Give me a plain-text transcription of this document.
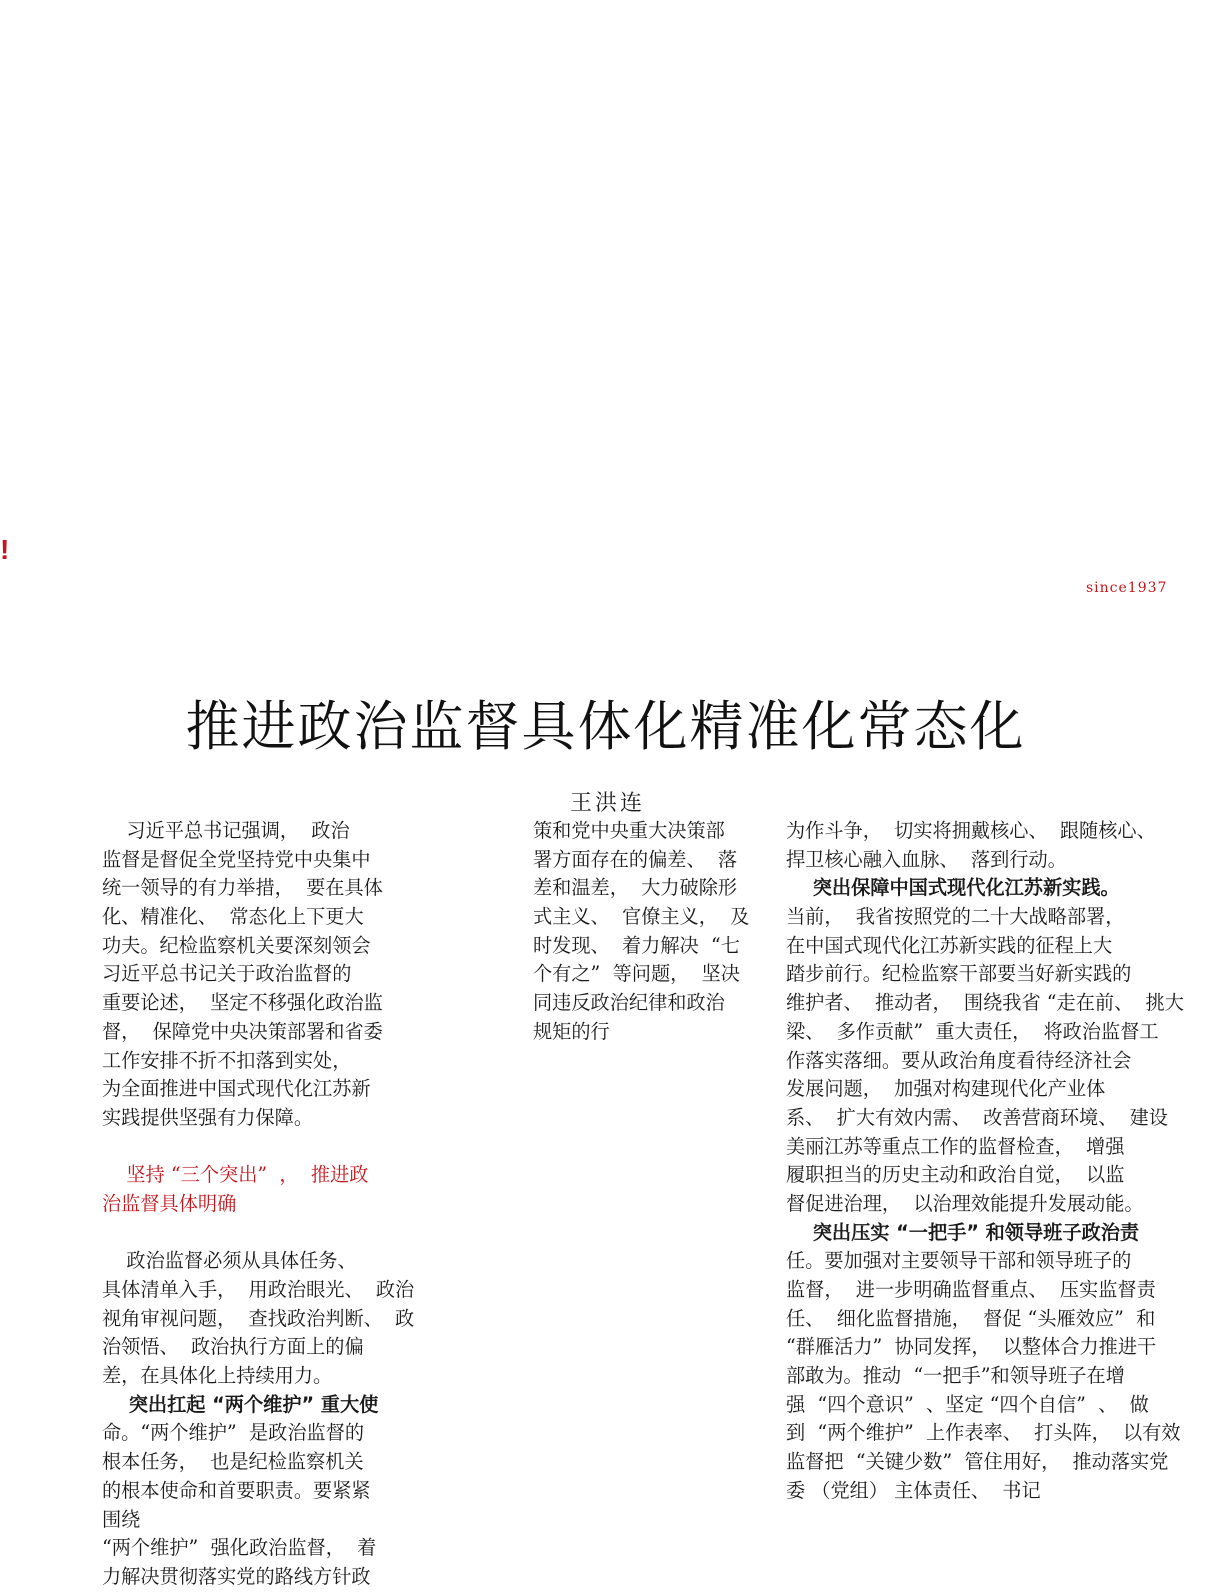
!
since1937
推进政治监督具体化精准化常态化
王洪连
习近平总书记强调，  政治
监督是督促全党坚持党中央集中
统一领导的有力举措，  要在具体
化、精准化、  常态化上下更大
功夫。纪检监察机关要深刻领会
习近平总书记关于政治监督的
重要论述，  坚定不移强化政治监
督，  保障党中央决策部署和省委
工作安排不折不扣落到实处，
为全面推进中国式现代化江苏新
实践提供坚强有力保障。
坚持 “三个突出”  ，  推进政
治监督具体明确
政治监督必须从具体任务、
具体清单入手，  用政治眼光、  政治
视角审视问题，  查找政治判断、  政
治领悟、  政治执行方面上的偏
差，在具体化上持续用力。
突出扛起 “两个维护” 重大使
命。“两个维护”  是政治监督的
根本任务，  也是纪检监察机关
的根本使命和首要职责。要紧紧
围绕
“两个维护”  强化政治监督，  着
力解决贯彻落实党的路线方针政
策和党中央重大决策部
署方面存在的偏差、  落
差和温差，  大力破除形
式主义、  官僚主义，  及
时发现、  着力解决  “七
个有之”  等问题，  坚决
同违反政治纪律和政治
规矩的行
为作斗争，  切实将拥戴核心、  跟随核心、
捍卫核心融入血脉、  落到行动。
突出保障中国式现代化江苏新实践。
当前，  我省按照党的二十大战略部署，
在中国式现代化江苏新实践的征程上大
踏步前行。纪检监察干部要当好新实践的
维护者、  推动者，  围绕我省 “走在前、  挑大
梁、  多作贡献”  重大责任，  将政治监督工
作落实落细。要从政治角度看待经济社会
发展问题，  加强对构建现代化产业体
系、  扩大有效内需、  改善营商环境、  建设
美丽江苏等重点工作的监督检查，  增强
履职担当的历史主动和政治自觉，  以监
督促进治理，  以治理效能提升发展动能。
突出压实 “一把手” 和领导班子政治责
任。要加强对主要领导干部和领导班子的
监督，  进一步明确监督重点、  压实监督责
任、  细化监督措施，  督促 “头雁效应”  和
“群雁活力”  协同发挥，  以整体合力推进干
部敢为。推动  “一把手”和领导班子在增
强  “四个意识”  、坚定 “四个自信”  、  做
到  “两个维护”  上作表率、  打头阵，  以有效
监督把  “关键少数”  管住用好，  推动落实党
委 （党组） 主体责任、  书记
